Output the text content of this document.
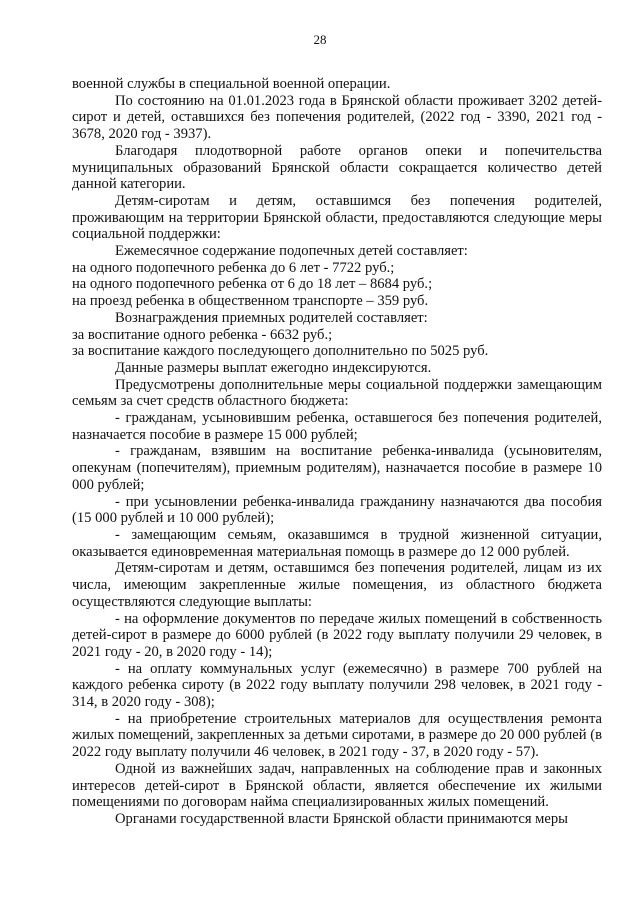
28

военной службы в специальной военной операции.

По состоянию на 01.01.2023 года в Брянской области проживает 3202 детей-сирот и детей, оставшихся без попечения родителей, (2022 год - 3390, 2021 год - 3678, 2020 год - 3937).

Благодаря плодотворной работе органов опеки и попечительства муниципальных образований Брянской области сокращается количество детей данной категории.

Детям-сиротам и детям, оставшимся без попечения родителей, проживающим на территории Брянской области, предоставляются следующие меры социальной поддержки:

Ежемесячное содержание подопечных детей составляет:

на одного подопечного ребенка до 6 лет - 7722 руб.;

на одного подопечного ребенка от 6 до 18 лет – 8684 руб.;

на проезд ребенка в общественном транспорте – 359 руб.

Вознаграждения приемных родителей составляет:

за воспитание одного ребенка - 6632 руб.;

за воспитание каждого последующего дополнительно по 5025 руб.

Данные размеры выплат ежегодно индексируются.

Предусмотрены дополнительные меры социальной поддержки замещающим семьям за счет средств областного бюджета:

- гражданам, усыновившим ребенка, оставшегося без попечения родителей, назначается пособие в размере 15 000 рублей;

- гражданам, взявшим на воспитание ребенка-инвалида (усыновителям, опекунам (попечителям), приемным родителям), назначается пособие в размере 10 000 рублей;

- при усыновлении ребенка-инвалида гражданину назначаются два пособия (15 000 рублей и 10 000 рублей);

- замещающим семьям, оказавшимся в трудной жизненной ситуации, оказывается единовременная материальная помощь в размере до 12 000 рублей.

Детям-сиротам и детям, оставшимся без попечения родителей, лицам из их числа, имеющим закрепленные жилые помещения, из областного бюджета осуществляются следующие выплаты:

- на оформление документов по передаче жилых помещений в собственность детей-сирот в размере до 6000 рублей (в 2022 году выплату получили 29 человек, в 2021 году - 20, в 2020 году - 14);

- на оплату коммунальных услуг (ежемесячно) в размере 700 рублей на каждого ребенка сироту (в 2022 году выплату получили 298 человек, в 2021 году - 314, в 2020 году - 308);

- на приобретение строительных материалов для осуществления ремонта жилых помещений, закрепленных за детьми сиротами, в размере до 20 000 рублей (в 2022 году выплату получили 46 человек, в 2021 году - 37, в 2020 году - 57).

Одной из важнейших задач, направленных на соблюдение прав и законных интересов детей-сирот в Брянской области, является обеспечение их жилыми помещениями по договорам найма специализированных жилых помещений.

Органами государственной власти Брянской области принимаются меры
